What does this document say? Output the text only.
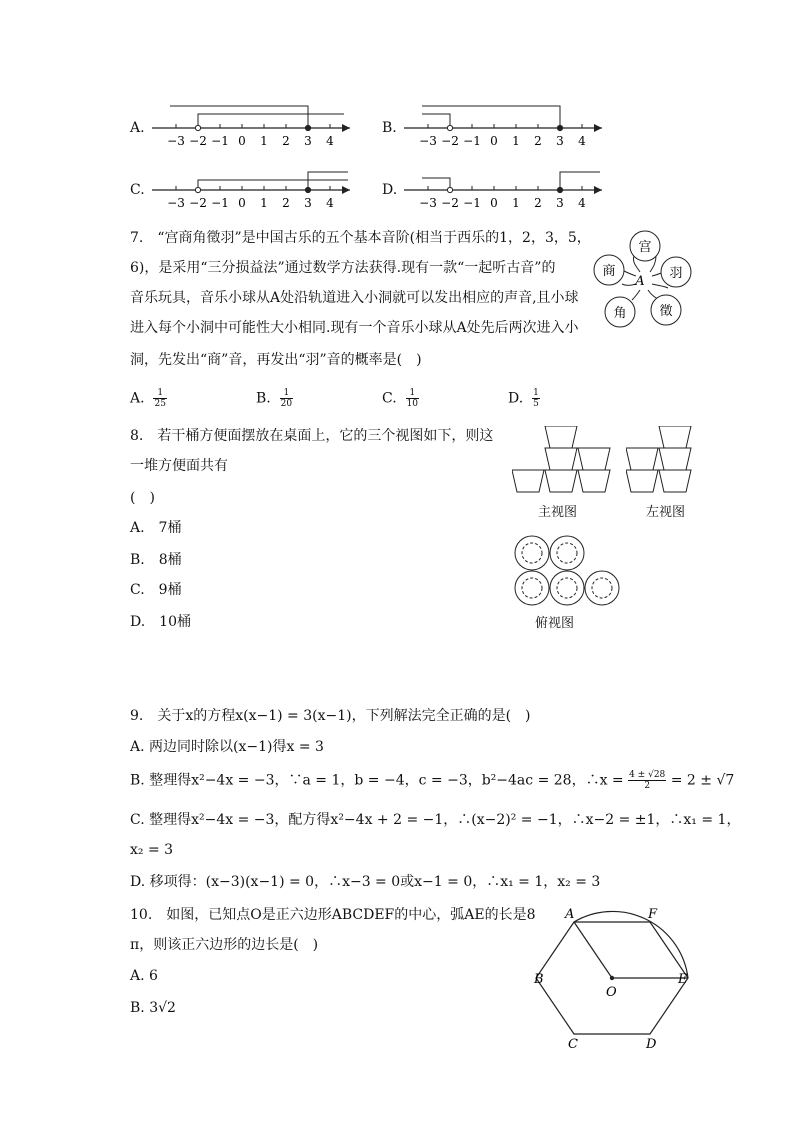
A.	B.
C.	D.
−3 −2 −1 0 1 2 3 4	−3 −2 −1 0 1 2 3 4
−3 −2 −1 0 1 2 3 4	−3 −2 −1 0 1 2 3 4
7.　“宫商角徵羽”是中国古乐的五个基本音阶(相当于西乐的1，2，3，5，
6)，是采用“三分损益法”通过数学方法获得.现有一款“一起听古音”的
音乐玩具，音乐小球从A处沿轨道进入小洞就可以发出相应的声音,且小球
进入每个小洞中可能性大小相同.现有一个音乐小球从A处先后两次进入小
洞，先发出“商”音，再发出“羽”音的概率是(　)
宫
羽
徵
角
商
A
A. $\frac{1}{25}$	B. $\frac{1}{20}$	C. $\frac{1}{10}$	D. $\frac{1}{5}$
8.　若干桶方便面摆放在桌面上，它的三个视图如下，则这
一堆方便面共有
(　)
A.　7桶
B.　8桶
C.　9桶
D.　10桶
主视图	左视图
俯视图
9.　关于x的方程x(x−1) = 3(x−1)，下列解法完全正确的是(　)
A. 两边同时除以(x−1)得x = 3
B. 整理得x²−4x = −3，∵a = 1，b = −4，c = −3，b²−4ac = 28，∴x = $\frac{4 \pm √28}{2} = 2 \pm √7$
C. 整理得x²−4x = −3，配方得x²−4x + 2 = −1，∴(x−2)² = −1，∴x−2 = ±1，∴x₁ = 1，
x₂ = 3
D. 移项得：(x−3)(x−1) = 0，∴x−3 = 0或x−1 = 0，∴x₁ = 1，x₂ = 3
10.　如图，已知点O是正六边形ABCDEF的中心，弧AE的长是8
π，则该正六边形的边长是(　)
A. 6
B. 3√2
A	F
E
D
C
B
O
